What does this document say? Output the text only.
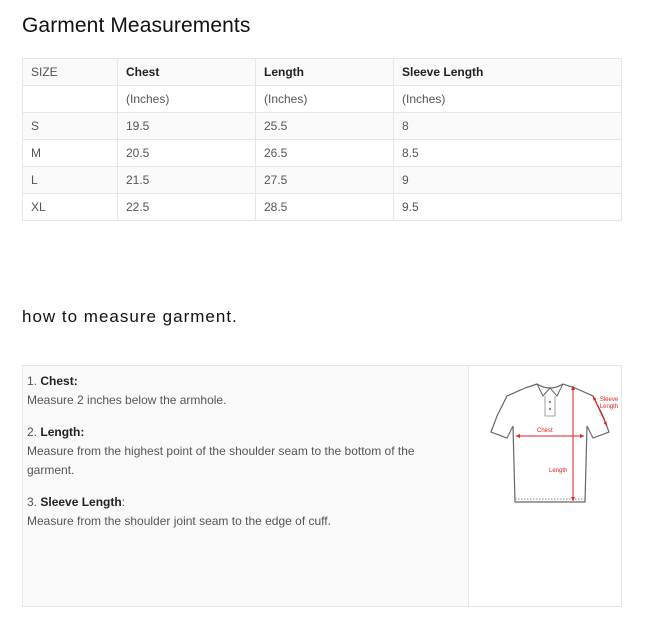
Garment Measurements
SIZE	Chest	Length	Sleeve Length
	(Inches)	(Inches)	(Inches)
S	19.5	25.5	8
M	20.5	26.5	8.5
L	21.5	27.5	9
XL	22.5	28.5	9.5
how to measure garment.
1. Chest:
Measure 2 inches below the armhole.
2. Length:
Measure from the highest point of the shoulder seam to the bottom of the garment.
3. Sleeve Length:
Measure from the shoulder joint seam to the edge of cuff.
Chest
Length
Sleeve
Length
